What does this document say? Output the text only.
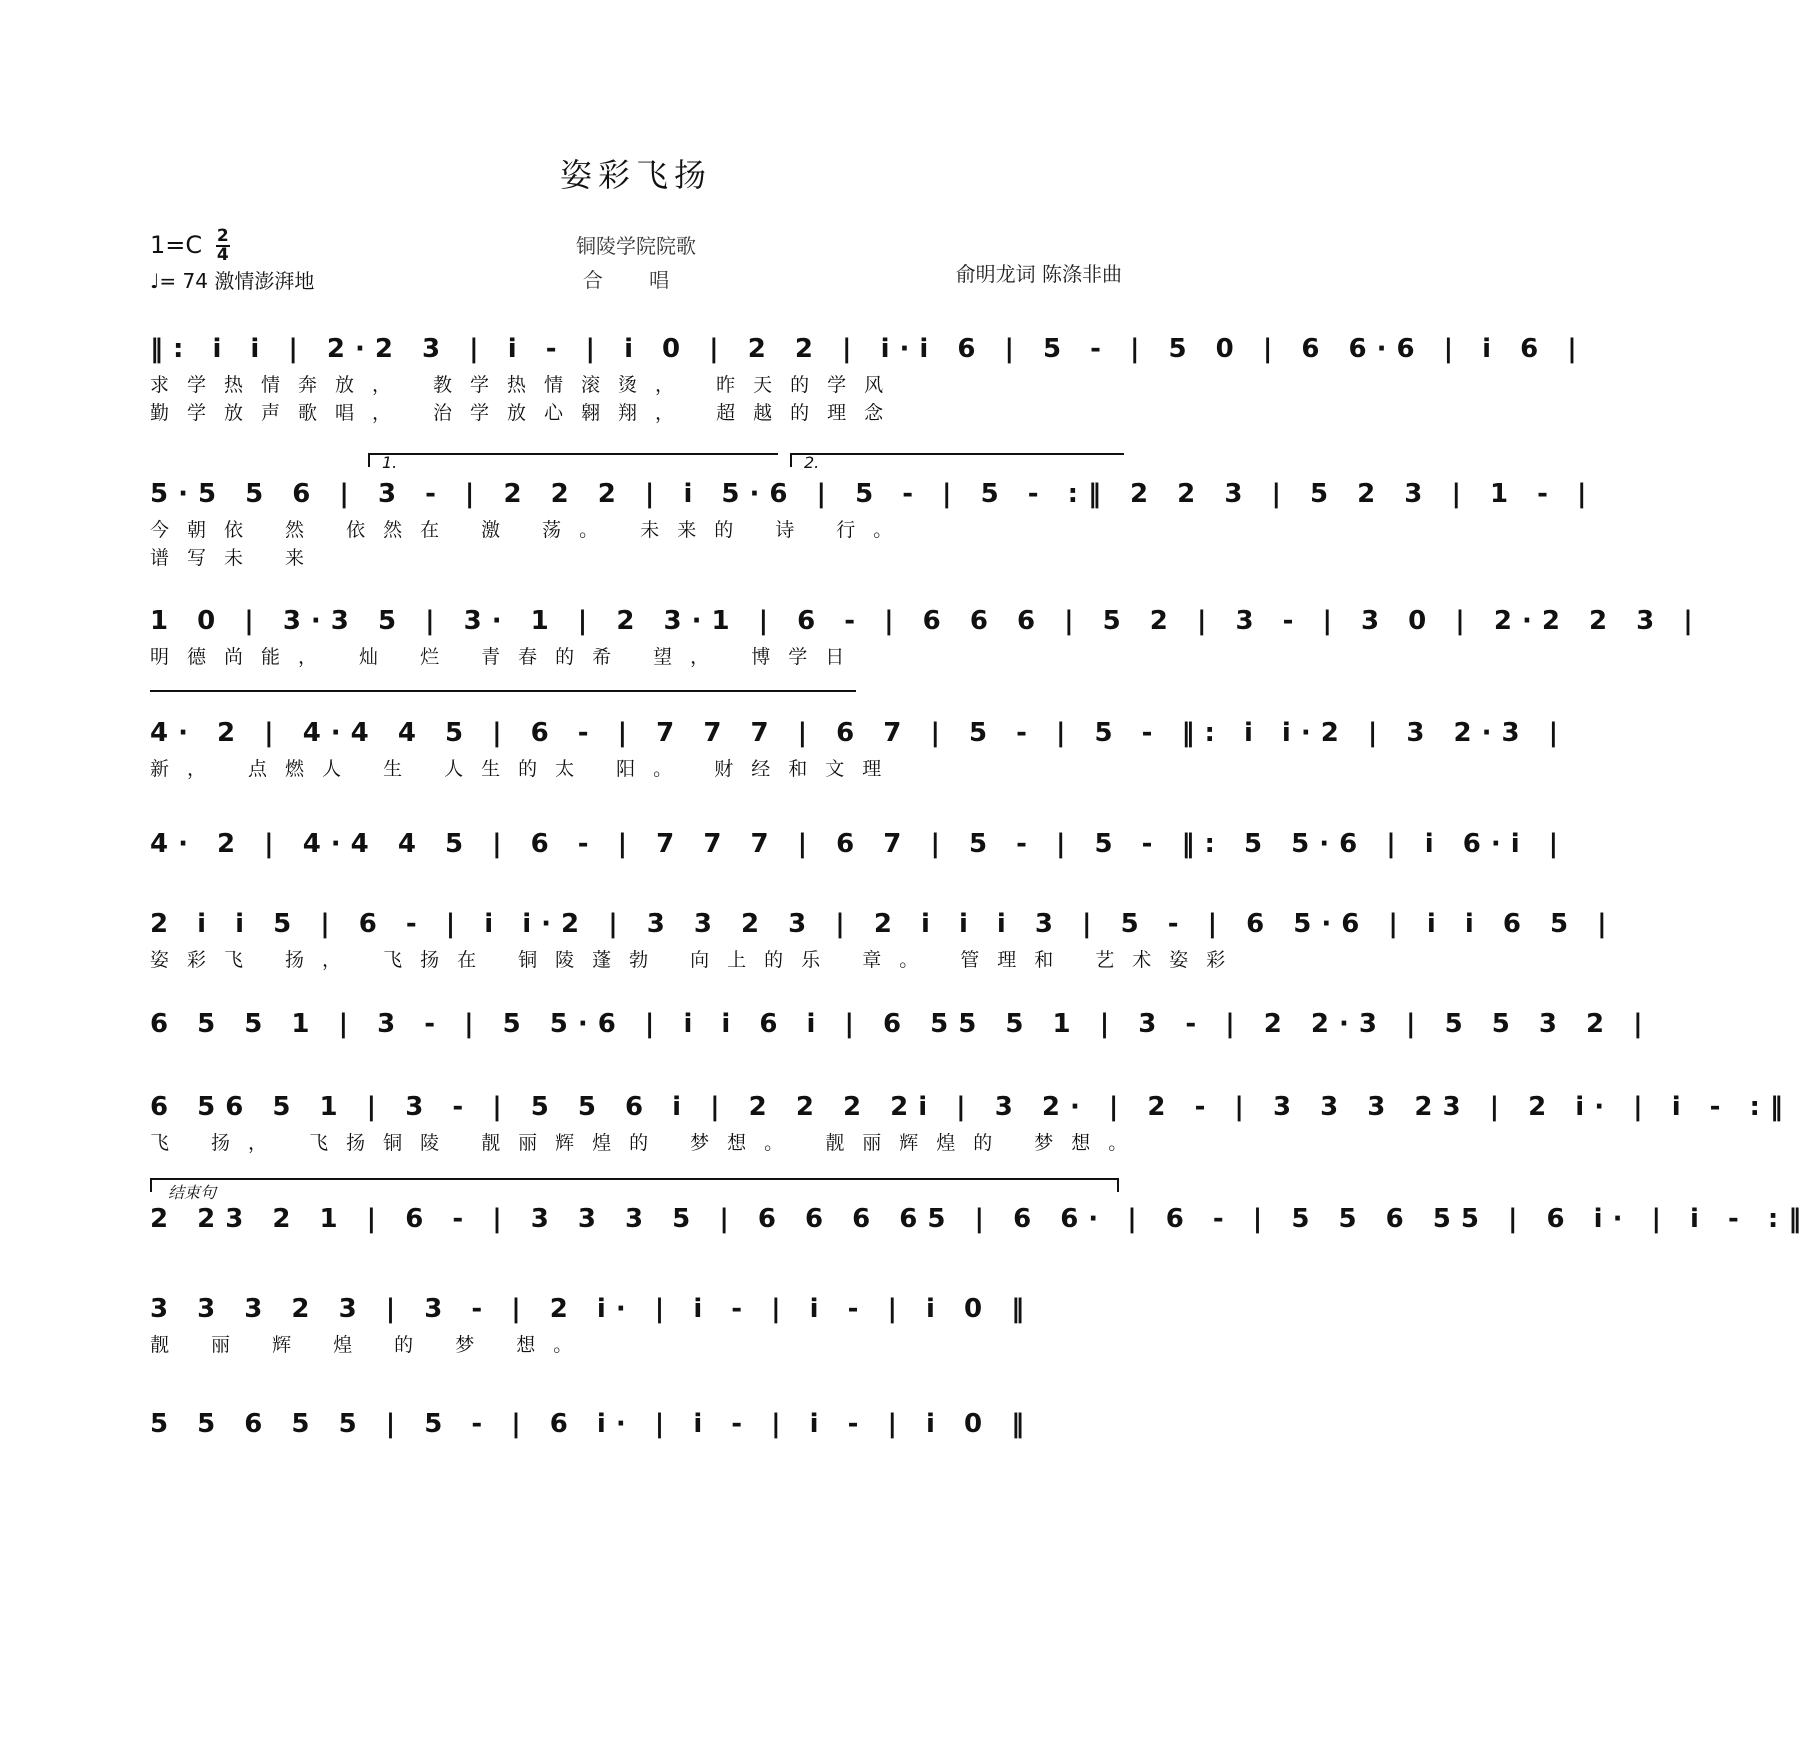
姿彩飞扬
$1=C \frac{2}{4}$
♩= 74 激情澎湃地
铜陵学院院歌
合 唱	俞明龙词 陈涤非曲
‖: i i | 2·2 3 | i - | i 0 | 2 2 | i·i 6 | 5 - | 5 0 | 6 6·6 | i 6 |
求学热情奔放， 教学热情滚烫， 昨天的学风
勤学放声歌唱， 治学放心翱翔， 超越的理念
1.	2.
5·5 5 6 | 3 - | 2 2 2 | i 5·6 | 5 - | 5 - :‖ 2 2 3 | 5 2 3 | 1 - |
今朝依 然 依然在 激 荡。 未来的 诗 行。
谱写未 来
1 0 | 3·3 5 | 3· 1 | 2 3·1 | 6 - | 6 6 6 | 5 2 | 3 - | 3 0 | 2·2 2 3 |
明德尚能， 灿 烂 青春的希 望， 博学日
4· 2 | 4·4 4 5 | 6 - | 7 7 7 | 6 7 | 5 - | 5 - ‖: i i·2 | 3 2·3 |
新， 点燃人 生 人生的太 阳。 财经和文理
4· 2 | 4·4 4 5 | 6 - | 7 7 7 | 6 7 | 5 - | 5 - ‖: 5 5·6 | i 6·i |
2 i i 5 | 6 - | i i·2 | 3 3 2 3 | 2 i i i 3 | 5 - | 6 5·6 | i i 6 5 |
姿彩飞 扬， 飞扬在 铜陵蓬勃 向上的乐 章。 管理和 艺术姿彩
6 5 5 1 | 3 - | 5 5·6 | i i 6 i | 6 55 5 1 | 3 - | 2 2·3 | 5 5 3 2 |
6 56 5 1 | 3 - | 5 5 6 i | 2 2 2 2i | 3 2· | 2 - | 3 3 3 23 | 2 i· | i - :‖
飞 扬， 飞扬铜陵 靓丽辉煌的 梦想。 靓丽辉煌的 梦想。
结束句
2 23 2 1 | 6 - | 3 3 3 5 | 6 6 6 65 | 6 6· | 6 - | 5 5 6 55 | 6 i· | i - :‖
3 3 3 2 3 | 3 - | 2 i· | i - | i - | i 0 ‖
靓 丽 辉 煌 的 梦 想。
5 5 6 5 5 | 5 - | 6 i· | i - | i - | i 0 ‖
